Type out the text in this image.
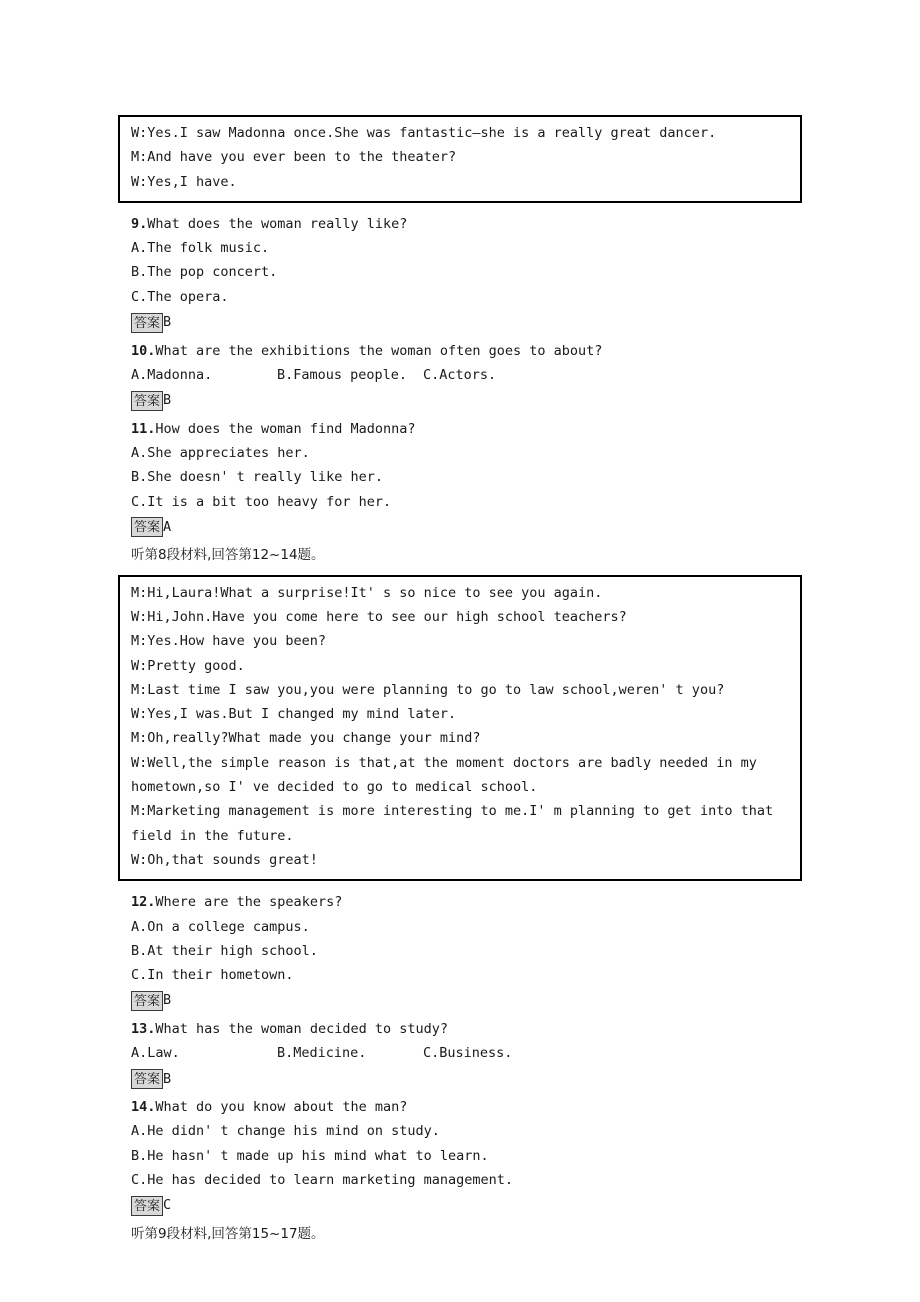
W:Yes.I saw Madonna once.She was fantastic—she is a really great dancer.
M:And have you ever been to the theater?
W:Yes,I have.
9.What does the woman really like?
A.The folk music.
B.The pop concert.
C.The opera.
答案 B
10.What are the exhibitions the woman often goes to about?
A.Madonna.	B.Famous people. C.Actors.
答案 B
11.How does the woman find Madonna?
A.She appreciates her.
B.She doesn' t really like her.
C.It is a bit too heavy for her.
答案 A
听第8段材料,回答第12~14题。
M:Hi,Laura!What a surprise!It' s so nice to see you again.
W:Hi,John.Have you come here to see our high school teachers?
M:Yes.How have you been?
W:Pretty good.
M:Last time I saw you,you were planning to go to law school,weren' t you?
W:Yes,I was.But I changed my mind later.
M:Oh,really?What made you change your mind?
W:Well,the simple reason is that,at the moment doctors are badly needed in my hometown,so I' ve decided to go to medical school.
M:Marketing management is more interesting to me.I' m planning to get into that field in the future.
W:Oh,that sounds great!
12.Where are the speakers?
A.On a college campus.
B.At their high school.
C.In their hometown.
答案 B
13.What has the woman decided to study?
A.Law.	B.Medicine.	C.Business.
答案 B
14.What do you know about the man?
A.He didn' t change his mind on study.
B.He hasn' t made up his mind what to learn.
C.He has decided to learn marketing management.
答案 C
听第9段材料,回答第15~17题。
